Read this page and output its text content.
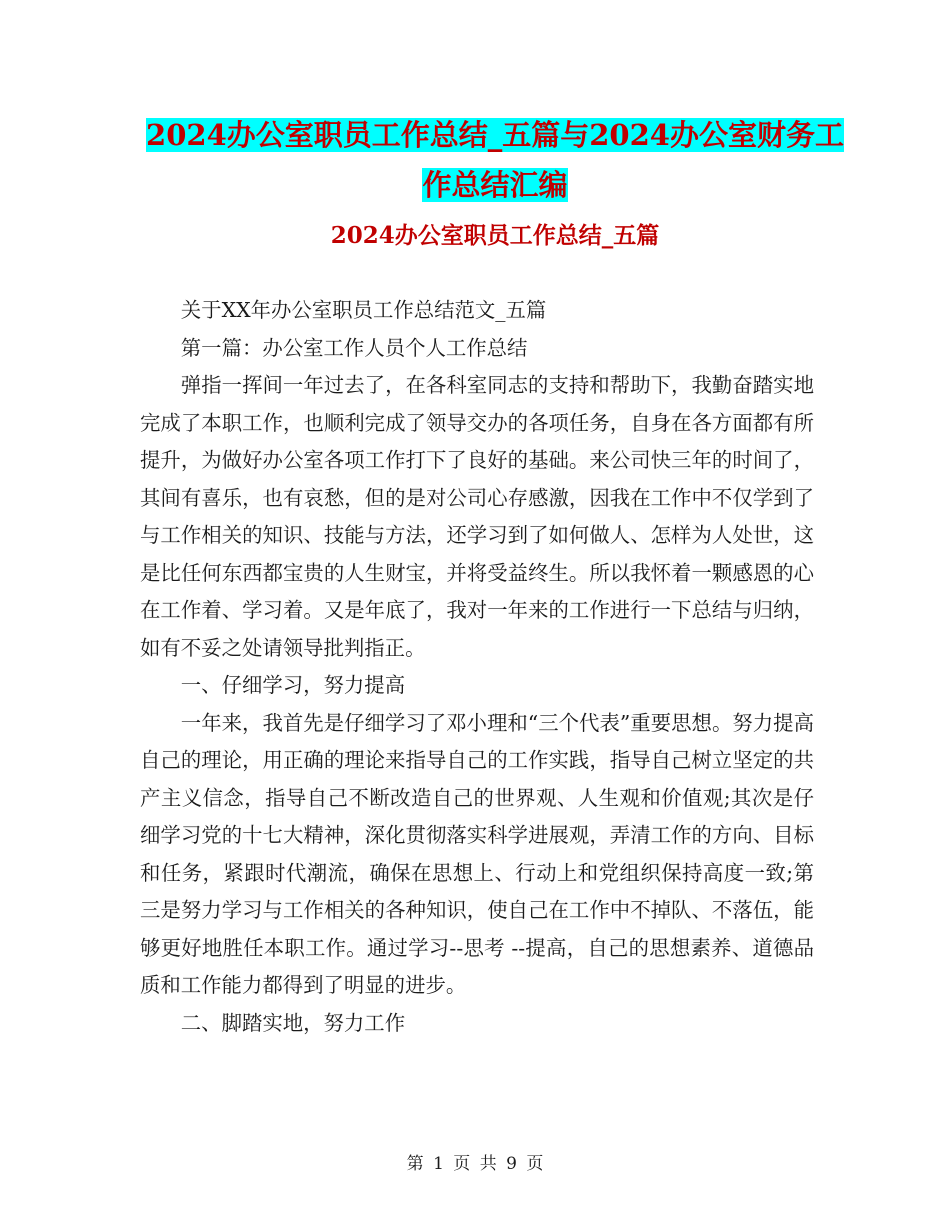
2024办公室职员工作总结_五篇与2024办公室财务工
作总结汇编
2024办公室职员工作总结_五篇

关于XX年办公室职员工作总结范文_五篇

第一篇：办公室工作人员个人工作总结

弹指一挥间一年过去了，在各科室同志的支持和帮助下，我勤奋踏实地完成了本职工作，也顺利完成了领导交办的各项任务，自身在各方面都有所提升，为做好办公室各项工作打下了良好的基础。来公司快三年的时间了，其间有喜乐，也有哀愁，但的是对公司心存感激，因我在工作中不仅学到了与工作相关的知识、技能与方法，还学习到了如何做人、怎样为人处世，这是比任何东西都宝贵的人生财宝，并将受益终生。所以我怀着一颗感恩的心在工作着、学习着。又是年底了，我对一年来的工作进行一下总结与归纳，如有不妥之处请领导批判指正。

一、仔细学习，努力提高

一年来，我首先是仔细学习了邓小理和“三个代表”重要思想。努力提高自己的理论，用正确的理论来指导自己的工作实践，指导自己树立坚定的共产主义信念，指导自己不断改造自己的世界观、人生观和价值观;其次是仔细学习党的十七大精神，深化贯彻落实科学进展观，弄清工作的方向、目标和任务，紧跟时代潮流，确保在思想上、行动上和党组织保持高度一致;第三是努力学习与工作相关的各种知识，使自己在工作中不掉队、不落伍，能够更好地胜任本职工作。通过学习--思考 --提高，自己的思想素养、道德品质和工作能力都得到了明显的进步。

二、脚踏实地，努力工作

第 1 页 共 9 页
